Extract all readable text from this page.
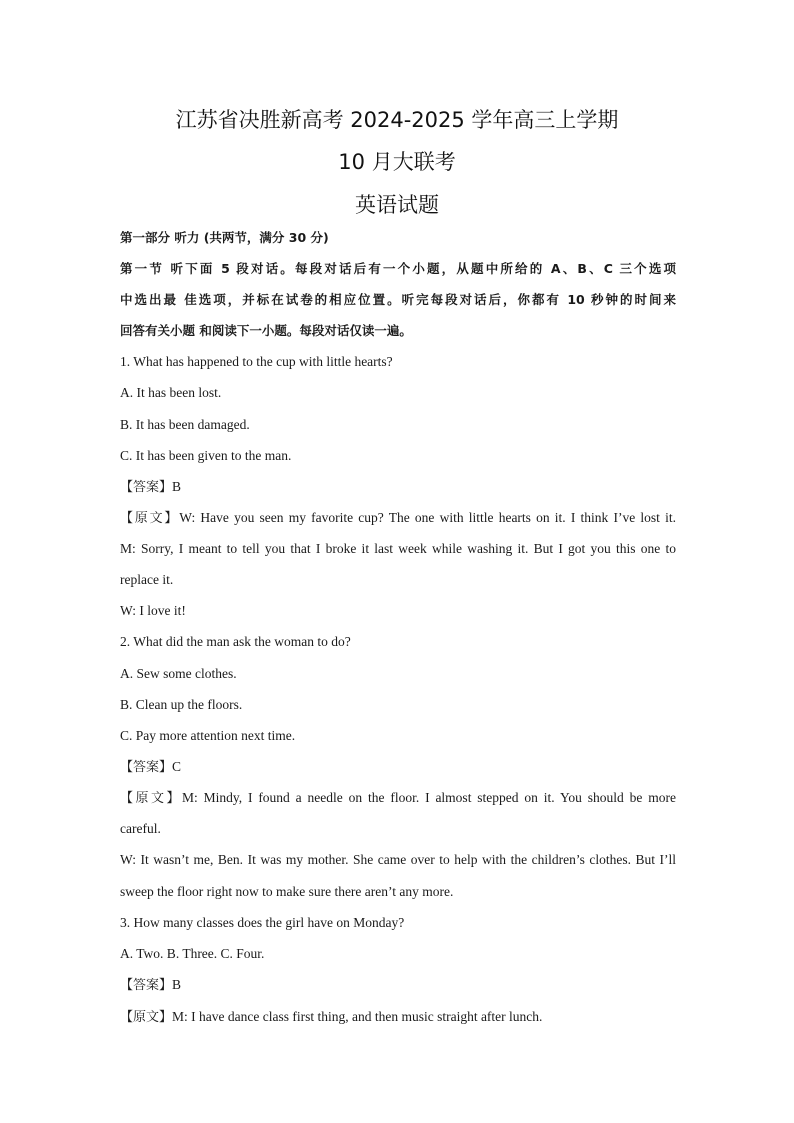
江苏省决胜新高考 2024-2025 学年高三上学期
10 月大联考
英语试题
第一部分 听力 (共两节，满分 30 分)
第一节 听下面 5 段对话。每段对话后有一个小题，从题中所给的 A、B、C 三个选项
中选出最 佳选项，并标在试卷的相应位置。听完每段对话后，你都有 10 秒钟的时间来
回答有关小题 和阅读下一小题。每段对话仅读一遍。
1. What has happened to the cup with little hearts?
A. It has been lost.
B. It has been damaged.
C. It has been given to the man.
【答案】B
【原文】W: Have you seen my favorite cup? The one with little hearts on it. I think I’ve lost it.
M: Sorry, I meant to tell you that I broke it last week while washing it. But I got you this one to
replace it.
W: I love it!
2. What did the man ask the woman to do?
A. Sew some clothes.
B. Clean up the floors.
C. Pay more attention next time.
【答案】C
【原文】M: Mindy, I found a needle on the floor. I almost stepped on it. You should be more
careful.
W: It wasn’t me, Ben. It was my mother. She came over to help with the children’s clothes. But I’ll
sweep the floor right now to make sure there aren’t any more.
3. How many classes does the girl have on Monday?
A. Two. B. Three. C. Four.
【答案】B
【原文】M: I have dance class first thing, and then music straight after lunch.
